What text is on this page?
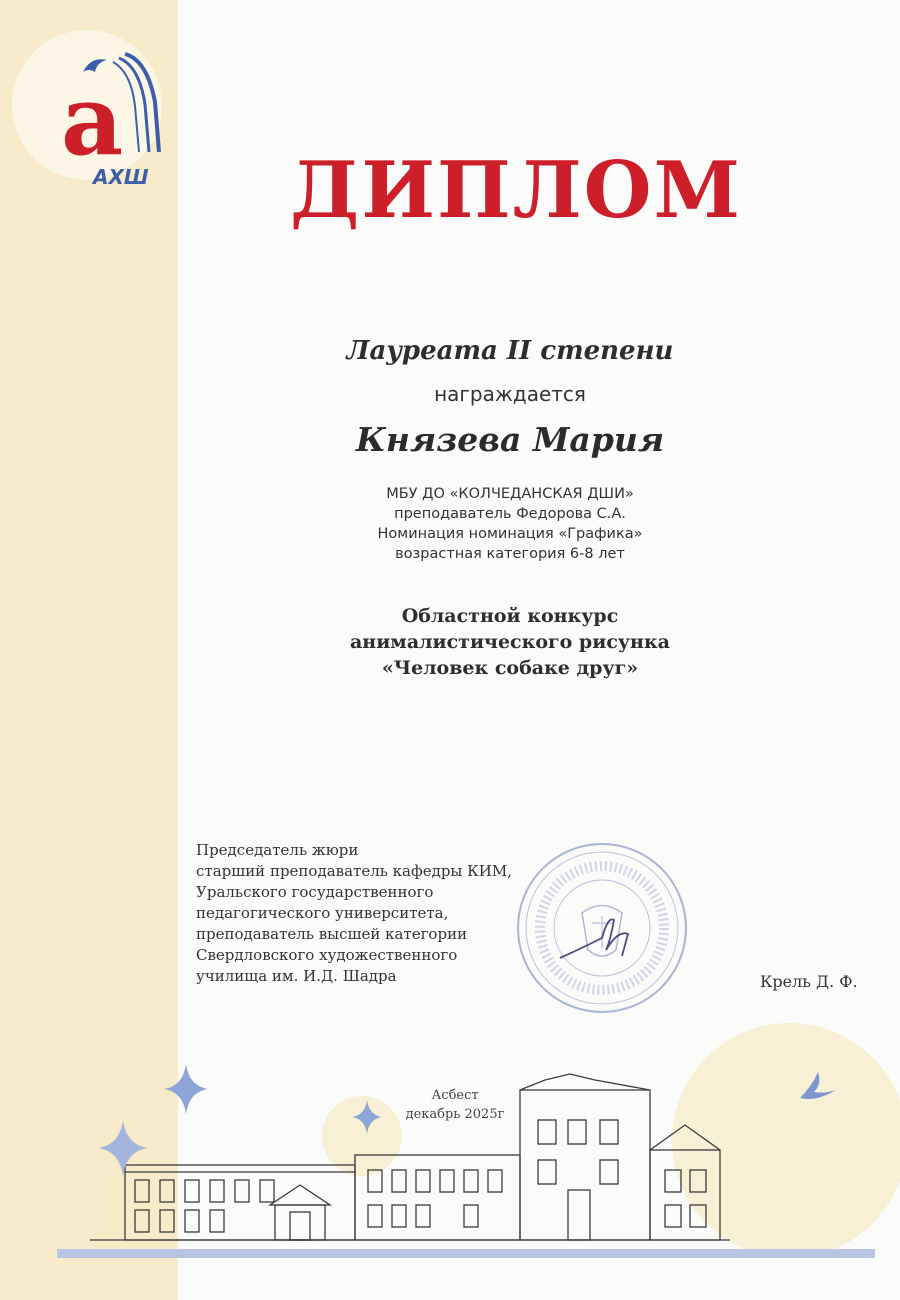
а
АХШ ДИПЛОМ
Лауреата II степени
награждается
Князева Мария
МБУ ДО «КОЛЧЕДАНСКАЯ ДШИ»
преподаватель Федорова С.А.
Номинация номинация «Графика»
возрастная категория 6-8 лет
Областной конкурс
анималистического рисунка
«Человек собаке друг»
Председатель жюри
старший преподаватель кафедры КИМ,
Уральского государственного
педагогического университета,
преподаватель высшей категории
Свердловского художественного
училища им. И.Д. Шадра	Крель Д. Ф.
Асбест
декабрь 2025г
